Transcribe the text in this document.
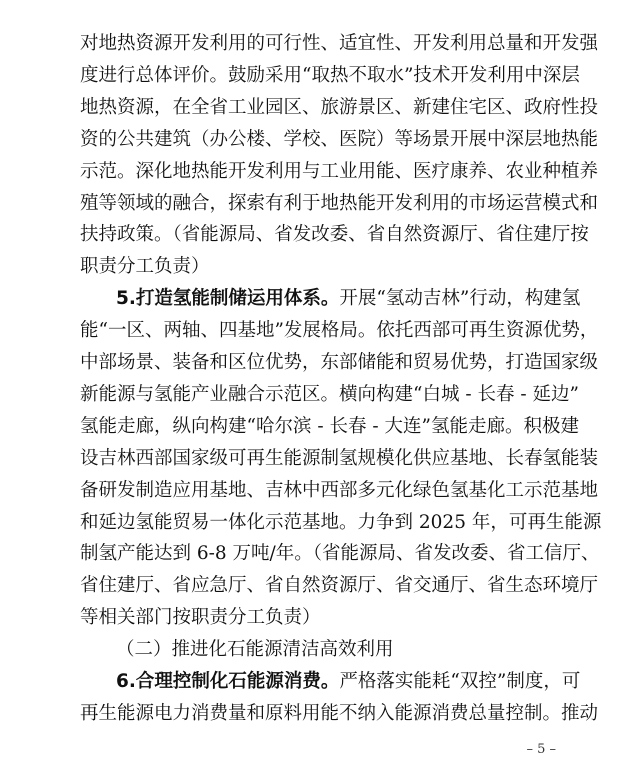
对地热资源开发利用的可行性、适宜性、开发利用总量和开发强
度进行总体评价。鼓励采用“取热不取水”技术开发利用中深层
地热资源，在全省工业园区、旅游景区、新建住宅区、政府性投
资的公共建筑（办公楼、学校、医院）等场景开展中深层地热能
示范。深化地热能开发利用与工业用能、医疗康养、农业种植养
殖等领域的融合，探索有利于地热能开发利用的市场运营模式和
扶持政策。（省能源局、省发改委、省自然资源厅、省住建厅按
职责分工负责）
5.打造氢能制储运用体系。开展“氢动吉林”行动，构建氢
能“一区、两轴、四基地”发展格局。依托西部可再生资源优势，
中部场景、装备和区位优势，东部储能和贸易优势，打造国家级
新能源与氢能产业融合示范区。横向构建“白城 - 长春 - 延边”
氢能走廊，纵向构建“哈尔滨 - 长春 - 大连”氢能走廊。积极建
设吉林西部国家级可再生能源制氢规模化供应基地、长春氢能装
备研发制造应用基地、吉林中西部多元化绿色氢基化工示范基地
和延边氢能贸易一体化示范基地。力争到 2025 年，可再生能源
制氢产能达到 6-8 万吨/年。（省能源局、省发改委、省工信厅、
省住建厅、省应急厅、省自然资源厅、省交通厅、省生态环境厅
等相关部门按职责分工负责）
（二）推进化石能源清洁高效利用
6.合理控制化石能源消费。严格落实能耗“双控”制度，可
– 5 –
再生能源电力消费量和原料用能不纳入能源消费总量控制。推动
